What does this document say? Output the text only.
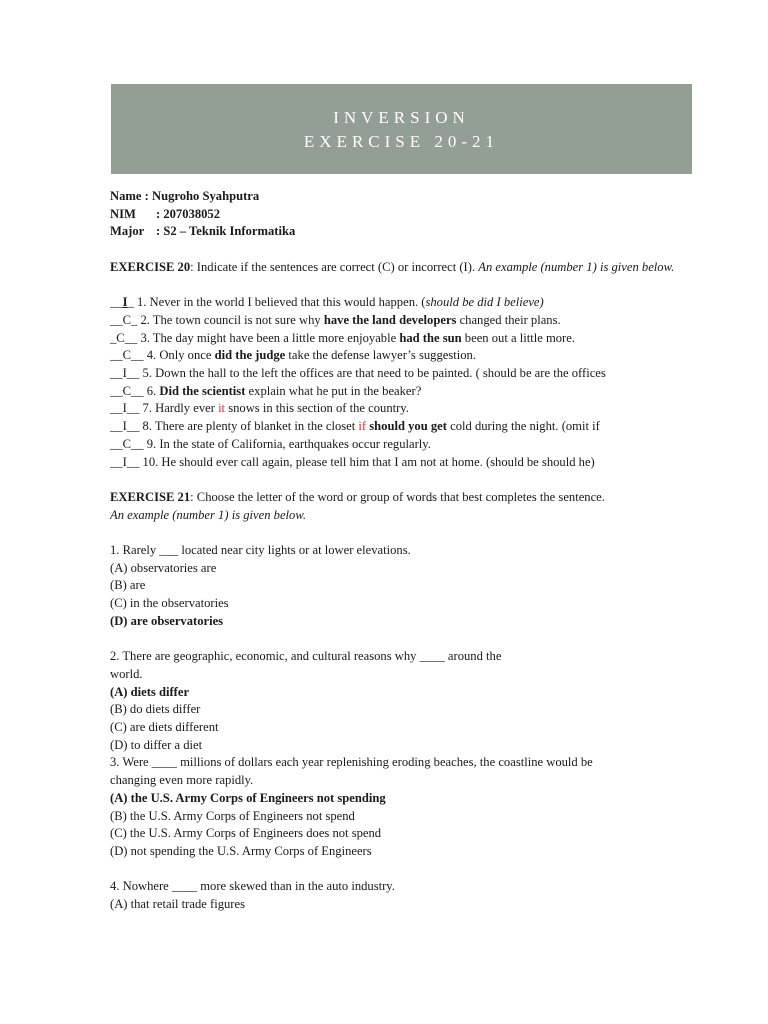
INVERSION
EXERCISE 20-21
Name : Nugroho Syahputra
NIM : 207038052
Major : S2 – Teknik Informatika
EXERCISE 20: Indicate if the sentences are correct (C) or incorrect (I). An example (number 1) is given below.
__I_ 1. Never in the world I believed that this would happen. (should be did I believe)
__C_ 2. The town council is not sure why have the land developers changed their plans.
_C__ 3. The day might have been a little more enjoyable had the sun been out a little more.
__C__ 4. Only once did the judge take the defense lawyer’s suggestion.
__I__ 5. Down the hall to the left the offices are that need to be painted. ( should be are the offices
__C__ 6. Did the scientist explain what he put in the beaker?
__I__ 7. Hardly ever it snows in this section of the country.
__I__ 8. There are plenty of blanket in the closet if should you get cold during the night. (omit if
__C__ 9. In the state of California, earthquakes occur regularly.
__I__ 10. He should ever call again, please tell him that I am not at home. (should be should he)
EXERCISE 21: Choose the letter of the word or group of words that best completes the sentence.
An example (number 1) is given below.
1. Rarely ___ located near city lights or at lower elevations.
(A) observatories are
(B) are
(C) in the observatories
(D) are observatories
2. There are geographic, economic, and cultural reasons why ____ around the
world.
(A) diets differ
(B) do diets differ
(C) are diets different
(D) to differ a diet
3. Were ____ millions of dollars each year replenishing eroding beaches, the coastline would be
changing even more rapidly.
(A) the U.S. Army Corps of Engineers not spending
(B) the U.S. Army Corps of Engineers not spend
(C) the U.S. Army Corps of Engineers does not spend
(D) not spending the U.S. Army Corps of Engineers
4. Nowhere ____ more skewed than in the auto industry.
(A) that retail trade figures
